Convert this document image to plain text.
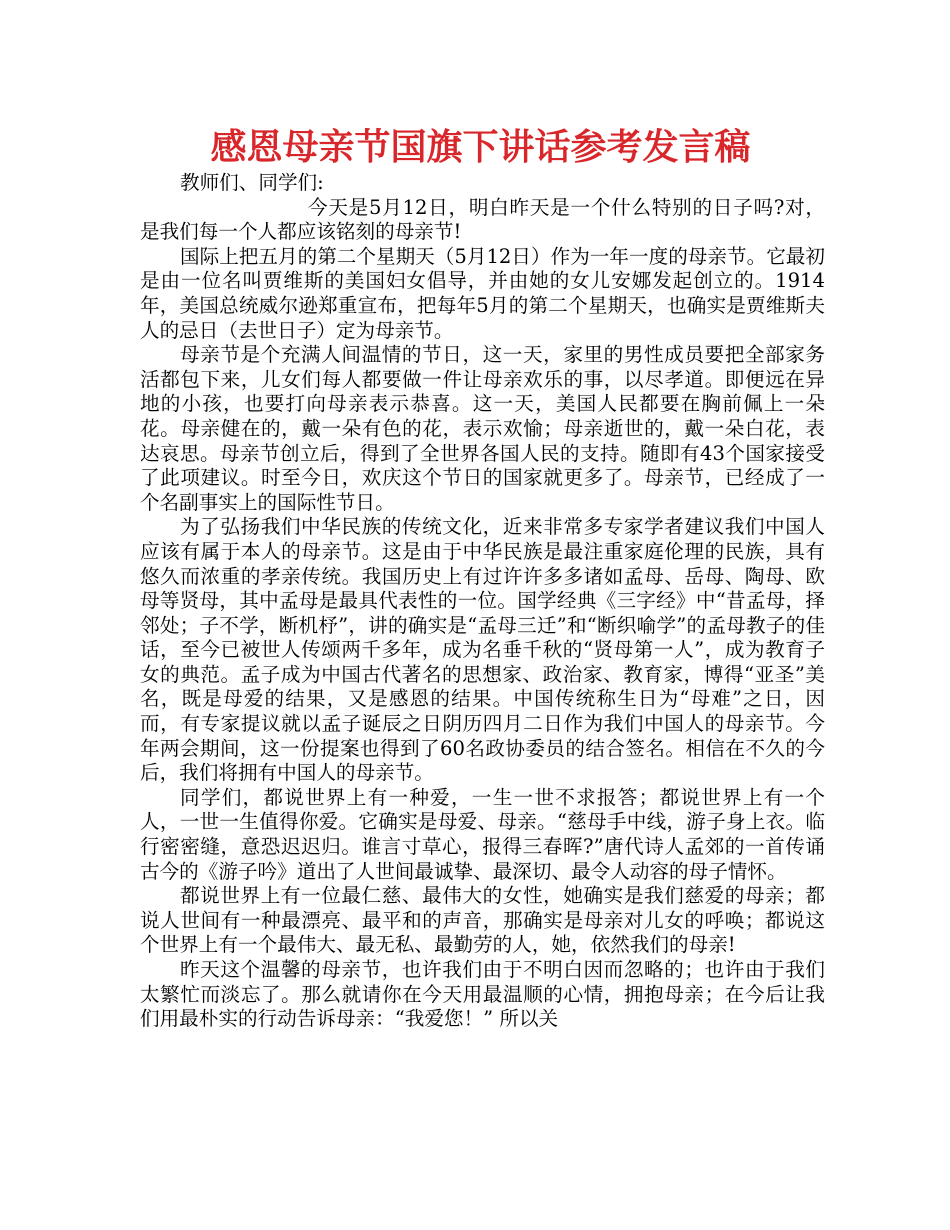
感恩母亲节国旗下讲话参考发言稿

教师们、同学们:

今天是5月12日，明白昨天是一个什么特别的日子吗?对，是我们每一个人都应该铭刻的母亲节!

国际上把五月的第二个星期天（5月12日）作为一年一度的母亲节。它最初是由一位名叫贾维斯的美国妇女倡导，并由她的女儿安娜发起创立的。1914年，美国总统威尔逊郑重宣布，把每年5月的第二个星期天，也确实是贾维斯夫人的忌日（去世日子）定为母亲节。

母亲节是个充满人间温情的节日，这一天，家里的男性成员要把全部家务活都包下来，儿女们每人都要做一件让母亲欢乐的事，以尽孝道。即便远在异地的小孩，也要打向母亲表示恭喜。这一天，美国人民都要在胸前佩上一朵花。母亲健在的，戴一朵有色的花，表示欢愉；母亲逝世的，戴一朵白花，表达哀思。母亲节创立后，得到了全世界各国人民的支持。随即有43个国家接受了此项建议。时至今日，欢庆这个节日的国家就更多了。母亲节，已经成了一个名副事实上的国际性节日。

为了弘扬我们中华民族的传统文化，近来非常多专家学者建议我们中国人应该有属于本人的母亲节。这是由于中华民族是最注重家庭伦理的民族，具有悠久而浓重的孝亲传统。我国历史上有过许许多多诸如孟母、岳母、陶母、欧母等贤母，其中孟母是最具代表性的一位。国学经典《三字经》中“昔孟母，择邻处；子不学，断机杼”，讲的确实是“孟母三迁”和“断织喻学”的孟母教子的佳话，至今已被世人传颂两千多年，成为名垂千秋的“贤母第一人”，成为教育子女的典范。孟子成为中国古代著名的思想家、政治家、教育家，博得“亚圣”美名，既是母爱的结果，又是感恩的结果。中国传统称生日为“母难”之日，因而，有专家提议就以孟子诞辰之日阴历四月二日作为我们中国人的母亲节。今年两会期间，这一份提案也得到了60名政协委员的结合签名。相信在不久的今后，我们将拥有中国人的母亲节。

同学们，都说世界上有一种爱，一生一世不求报答；都说世界上有一个人，一世一生值得你爱。它确实是母爱、母亲。“慈母手中线，游子身上衣。临行密密缝，意恐迟迟归。谁言寸草心，报得三春晖?”唐代诗人孟郊的一首传诵古今的《游子吟》道出了人世间最诚挚、最深切、最令人动容的母子情怀。

都说世界上有一位最仁慈、最伟大的女性，她确实是我们慈爱的母亲；都说人世间有一种最漂亮、最平和的声音，那确实是母亲对儿女的呼唤；都说这个世界上有一个最伟大、最无私、最勤劳的人，她，依然我们的母亲!

昨天这个温馨的母亲节，也许我们由于不明白因而忽略的；也许由于我们太繁忙而淡忘了。那么就请你在今天用最温顺的心情，拥抱母亲；在今后让我们用最朴实的行动告诉母亲：“我爱您！” 所以关
